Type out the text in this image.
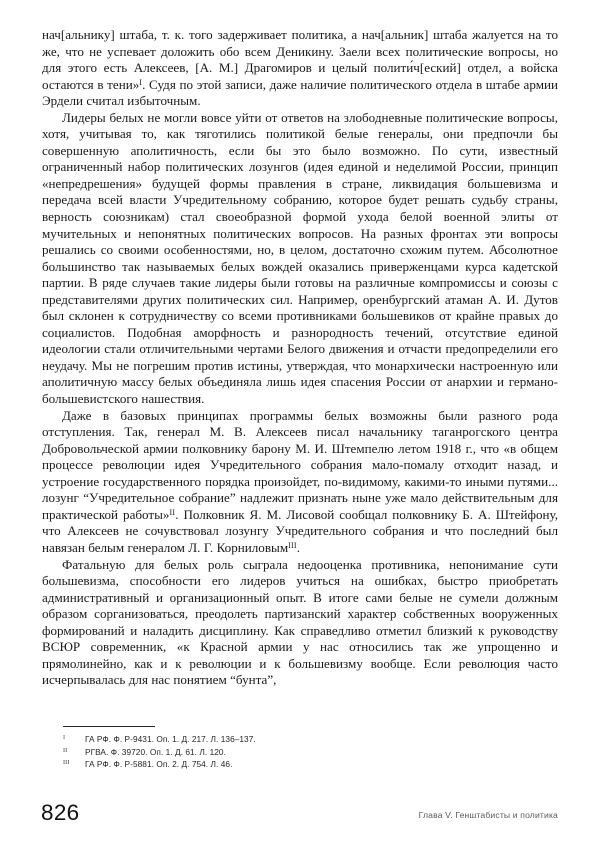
нач[альнику] штаба, т. к. того задерживает политика, а нач[альник] штаба жалуется на то же, что не успевает доложить обо всем Деникину. Заели всех политические вопросы, но для этого есть Алексеев, [А. М.] Драгомиров и целый полити́ч[еский] отдел, а войска остаются в тени»$^I$. Судя по этой записи, даже наличие политического отдела в штабе армии Эрдели считал избыточным.

Лидеры белых не могли вовсе уйти от ответов на злободневные политические вопросы, хотя, учитывая то, как тяготились политикой белые генералы, они предпочли бы совершенную аполитичность, если бы это было возможно. По сути, известный ограниченный набор политических лозунгов (идея единой и неделимой России, принцип «непредрешения» будущей формы правления в стране, ликвидация большевизма и передача всей власти Учредительному собранию, которое будет решать судьбу страны, верность союзникам) стал своеобразной формой ухода белой военной элиты от мучительных и непонятных политических вопросов. На разных фронтах эти вопросы решались со своими особенностями, но, в целом, достаточно схожим путем. Абсолютное большинство так называемых белых вождей оказались приверженцами курса кадетской партии. В ряде случаев такие лидеры были готовы на различные компромиссы и союзы с представителями других политических сил. Например, оренбургский атаман А. И. Дутов был склонен к сотрудничеству со всеми противниками большевиков от крайне правых до социалистов. Подобная аморфность и разнородность течений, отсутствие единой идеологии стали отличительными чертами Белого движения и отчасти предопределили его неудачу. Мы не погрешим против истины, утверждая, что монархически настроенную или аполитичную массу белых объединяла лишь идея спасения России от анархии и германо-большевистского нашествия.

Даже в базовых принципах программы белых возможны были разного рода отступления. Так, генерал М. В. Алексеев писал начальнику таганрогского центра Добровольческой армии полковнику барону М. И. Штемпелю летом 1918 г., что «в общем процессе революции идея Учредительного собрания мало-помалу отходит назад, и устроение государственного порядка произойдет, по-видимому, какими-то иными путями... лозунг “Учредительное собрание” надлежит признать ныне уже мало действительным для практической работы»$^{II}$. Полковник Я. М. Лисовой сообщал полковнику Б. А. Штейфону, что Алексеев не сочувствовал лозунгу Учредительного собрания и что последний был навязан белым генералом Л. Г. Корниловым$^{III}$.

Фатальную для белых роль сыграла недооценка противника, непонимание сути большевизма, способности его лидеров учиться на ошибках, быстро приобретать административный и организационный опыт. В итоге сами белые не сумели должным образом сорганизоваться, преодолеть партизанский характер собственных вооруженных формирований и наладить дисциплину. Как справедливо отметил близкий к руководству ВСЮР современник, «к Красной армии у нас относились так же упрощенно и прямолинейно, как и к революции и к большевизму вообще. Если революция часто исчерпывалась для нас понятием “бунта”,

I	ГА РФ. Ф. Р-9431. Оп. 1. Д. 217. Л. 136–137.
II	РГВА. Ф. 39720. Оп. 1. Д. 61. Л. 120.
III	ГА РФ. Ф. Р-5881. Оп. 2. Д. 754. Л. 46.
826	Глава V. Генштабисты и политика
